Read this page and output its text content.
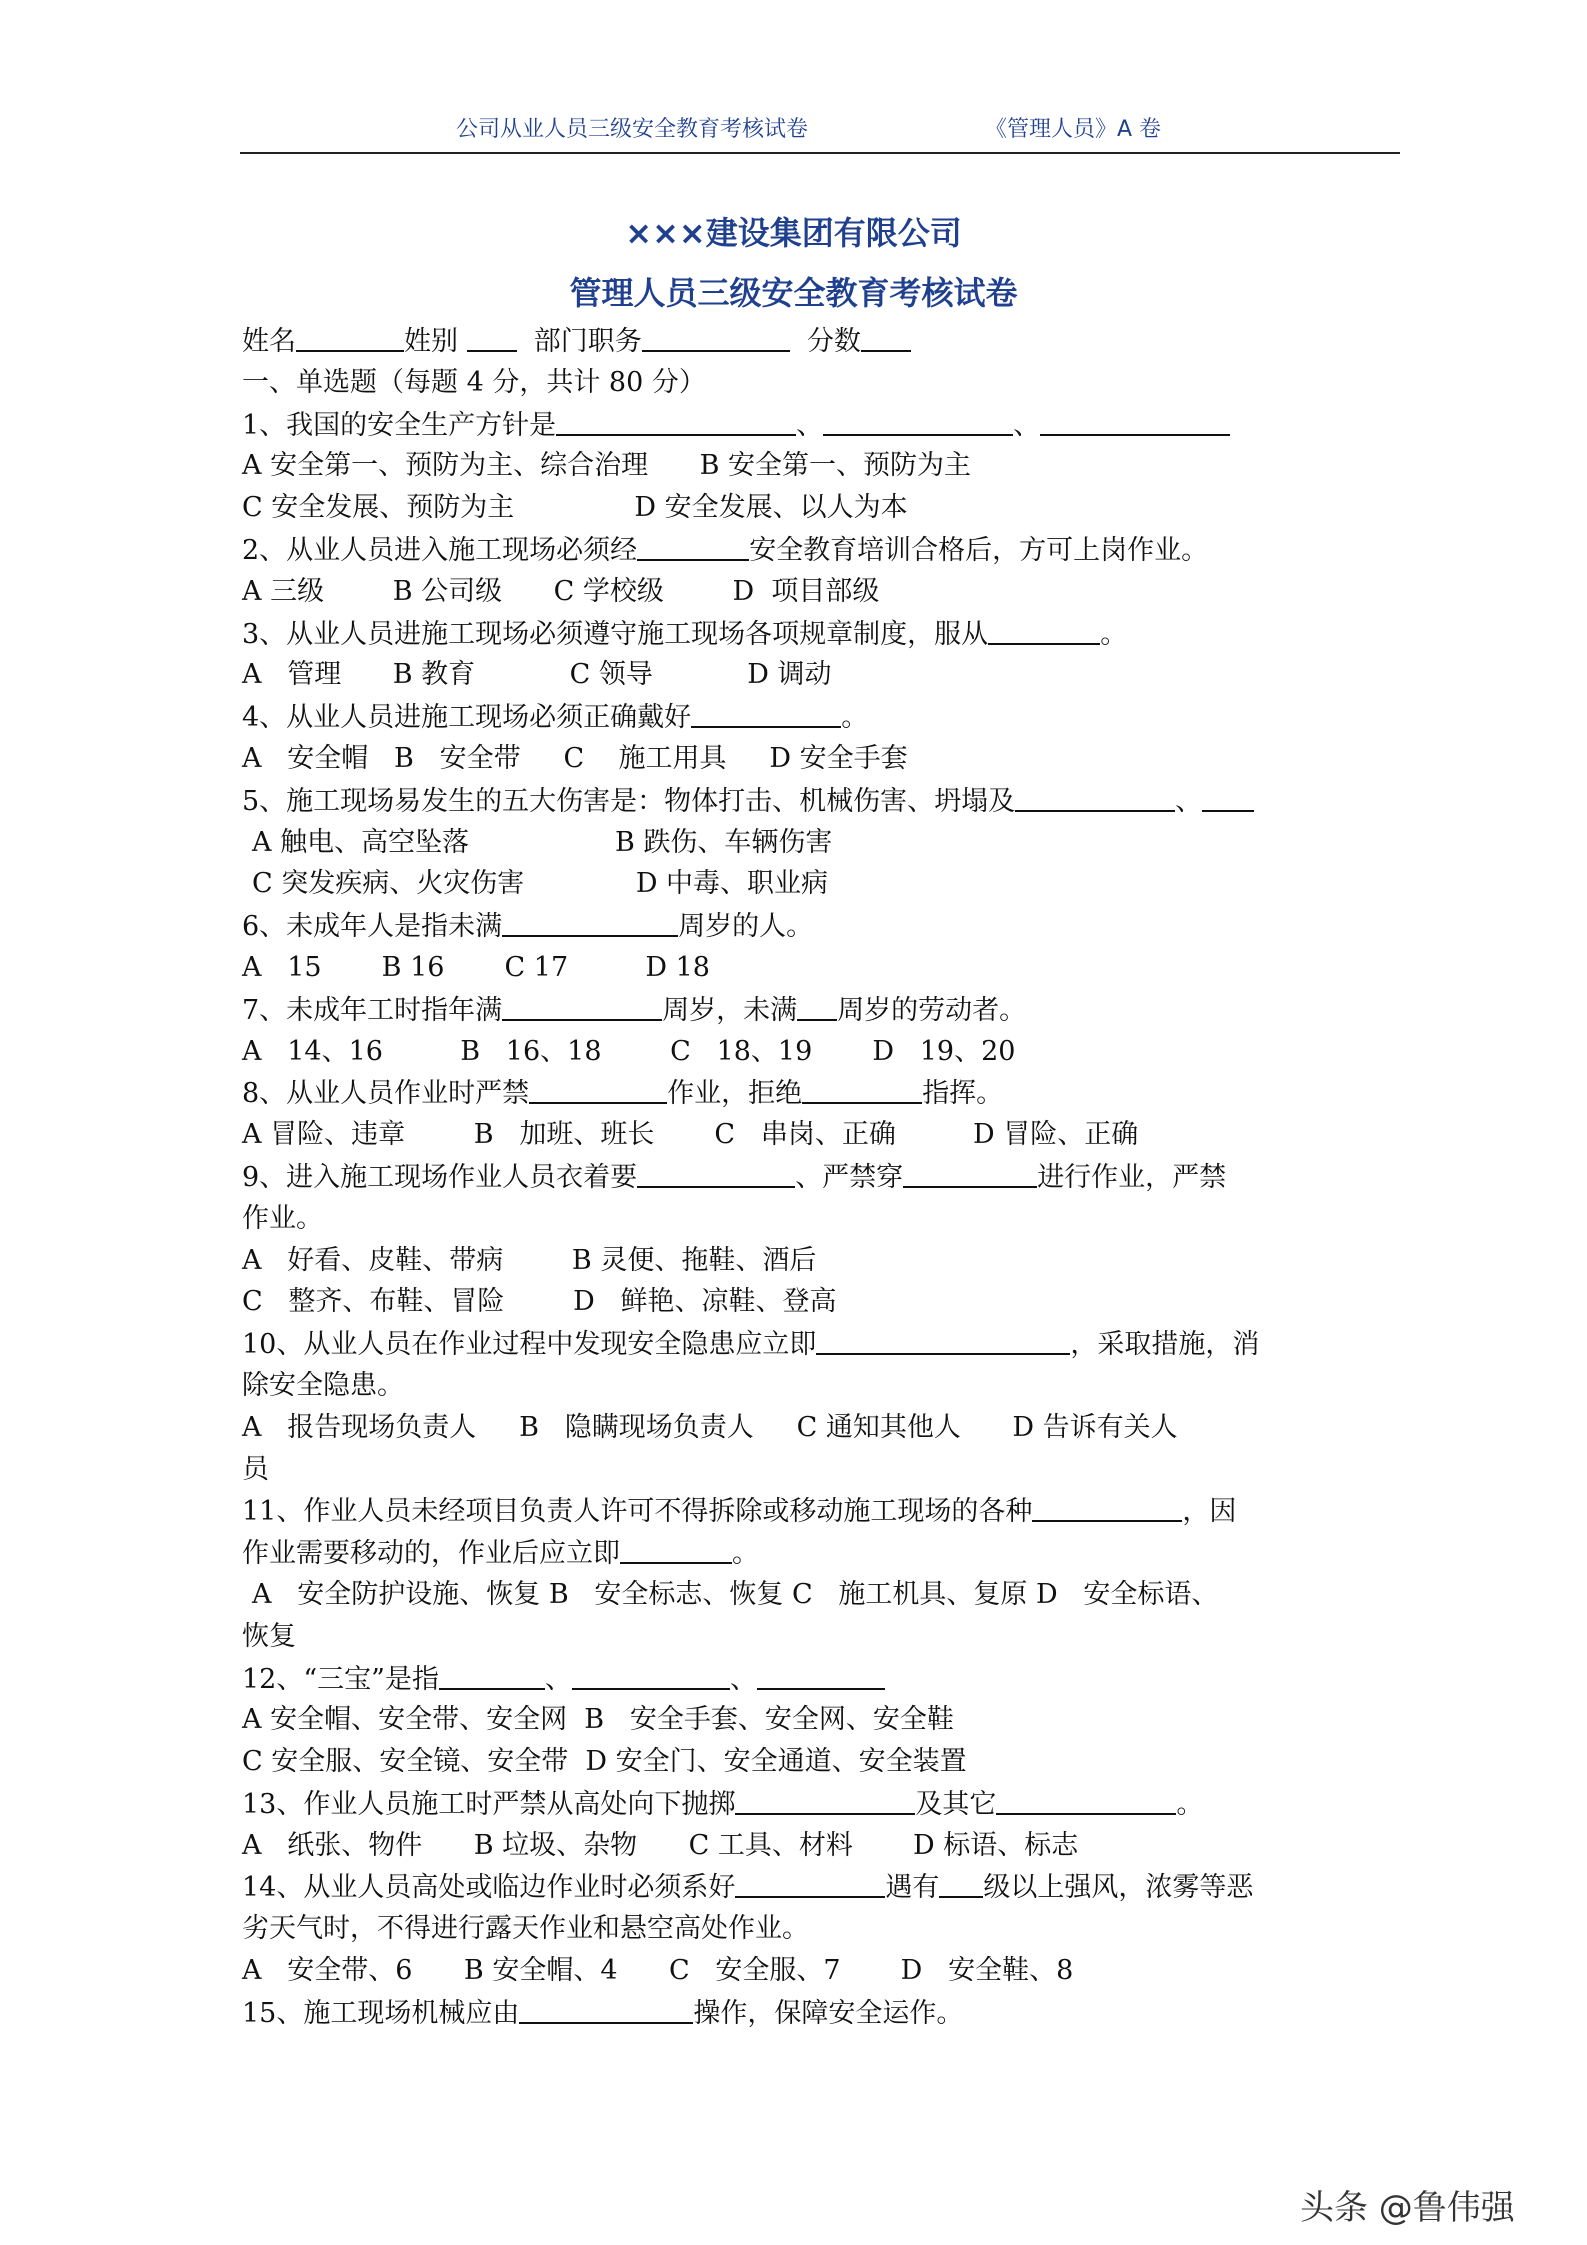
公司从业人员三级安全教育考核试卷	《管理人员》A 卷
×××建设集团有限公司
管理人员三级安全教育考核试卷
姓名	姓别	部门职务	分数
一、单选题（每题 4 分，共计 80 分）
1、我国的安全生产方针是	、	、
A 安全第一、预防为主、综合治理 B 安全第一、预防为主
C 安全发展、预防为主	D 安全发展、以人为本
2、从业人员进入施工现场必须经	安全教育培训合格后，方可上岗作业。
A 三级        B 公司级      C 学校级        D  项目部级
3、从业人员进施工现场必须遵守施工现场各项规章制度，服从	。
A   管理      B 教育           C 领导           D 调动
4、从业人员进施工现场必须正确戴好	。
A   安全帽   B   安全带     C    施工用具     D 安全手套
5、施工现场易发生的五大伤害是：物体打击、机械伤害、坍塌及	、
A 触电、高空坠落                 B 跌伤、车辆伤害
C 突发疾病、火灾伤害             D 中毒、职业病
6、未成年人是指未满	周岁的人。
A   15       B 16       C 17         D 18
7、未成年工时指年满	周岁，未满 周岁的劳动者。
A   14、16         B   16、18        C   18、19       D   19、20
8、从业人员作业时严禁	作业，拒绝	指挥。
A 冒险、违章        B   加班、班长       C   串岗、正确         D 冒险、正确
9、进入施工现场作业人员衣着要	、严禁穿	进行作业，严禁
作业。
A   好看、皮鞋、带病        B 灵便、拖鞋、酒后
C   整齐、布鞋、冒险        D   鲜艳、凉鞋、登高
10、从业人员在作业过程中发现安全隐患应立即	，采取措施，消
除安全隐患。
A   报告现场负责人     B   隐瞒现场负责人     C 通知其他人      D 告诉有关人
员
11、作业人员未经项目负责人许可不得拆除或移动施工现场的各种	，因
作业需要移动的，作业后应立即	。
A   安全防护设施、恢复 B   安全标志、恢复 C   施工机具、复原 D   安全标语、
恢复
12、“三宝”是指	、	、
A 安全帽、安全带、安全网  B   安全手套、安全网、安全鞋
C 安全服、安全镜、安全带  D 安全门、安全通道、安全装置
13、作业人员施工时严禁从高处向下抛掷	及其它	。
A   纸张、物件      B 垃圾、杂物      C 工具、材料       D 标语、标志
14、从业人员高处或临边作业时必须系好	遇有 级以上强风，浓雾等恶
劣天气时，不得进行露天作业和悬空高处作业。
A   安全带、6      B 安全帽、4      C   安全服、7       D   安全鞋、8
15、施工现场机械应由	操作，保障安全运作。
头条 @鲁伟强
